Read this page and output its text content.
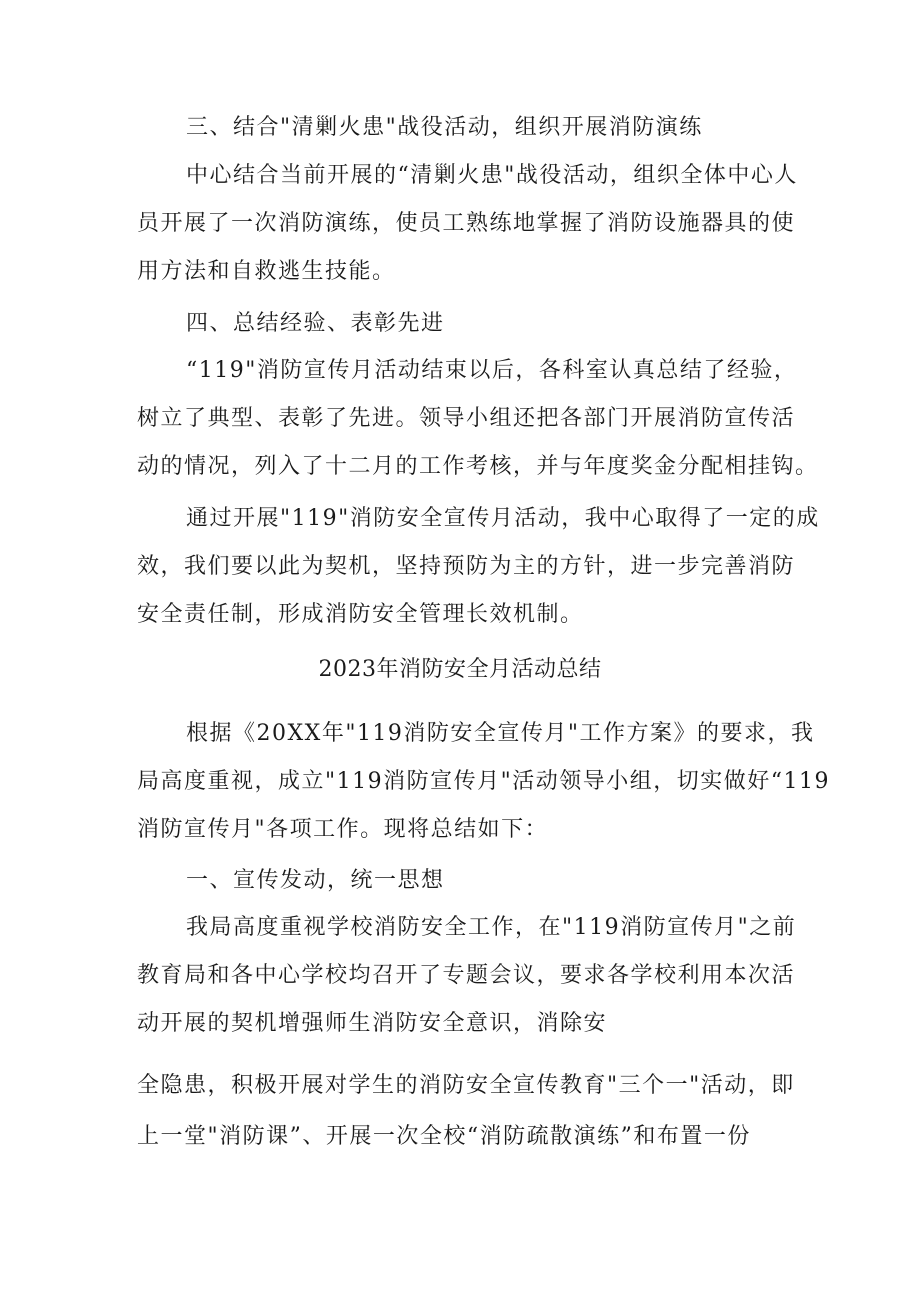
三、结合"清剿火患"战役活动，组织开展消防演练
中心结合当前开展的“清剿火患"战役活动，组织全体中心人
员开展了一次消防演练，使员工熟练地掌握了消防设施器具的使
用方法和自救逃生技能。
四、总结经验、表彰先进
“119"消防宣传月活动结束以后，各科室认真总结了经验，
树立了典型、表彰了先进。领导小组还把各部门开展消防宣传活
动的情况，列入了十二月的工作考核，并与年度奖金分配相挂钩。
通过开展"119"消防安全宣传月活动，我中心取得了一定的成
效，我们要以此为契机，坚持预防为主的方针，进一步完善消防
安全责任制，形成消防安全管理长效机制。
2023年消防安全月活动总结
根据《20XX年"119消防安全宣传月"工作方案》的要求，我
局高度重视，成立"119消防宣传月"活动领导小组，切实做好“119
消防宣传月"各项工作。现将总结如下：
一、宣传发动，统一思想
我局高度重视学校消防安全工作，在"119消防宣传月"之前
教育局和各中心学校均召开了专题会议，要求各学校利用本次活
动开展的契机增强师生消防安全意识，消除安
全隐患，积极开展对学生的消防安全宣传教育"三个一"活动，即
上一堂"消防课”、开展一次全校“消防疏散演练”和布置一份
